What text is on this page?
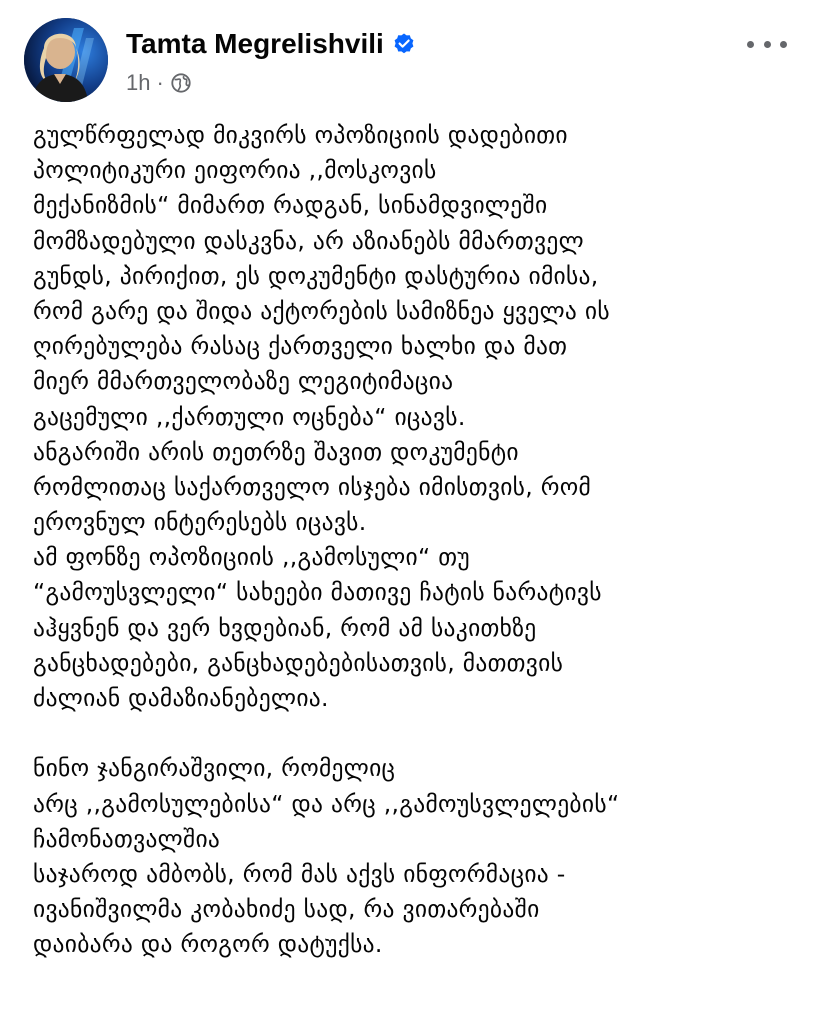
Tamta Megrelishvili
1h ·
გულწრფელად მიკვირს ოპოზიციის დადებითი
პოლიტიკური ეიფორია ,,მოსკოვის
მექანიზმის“ მიმართ რადგან, სინამდვილეში
მომზადებული დასკვნა, არ აზიანებს მმართველ
გუნდს, პირიქით, ეს დოკუმენტი დასტურია იმისა,
რომ გარე და შიდა აქტორების სამიზნეა ყველა ის
ღირებულება რასაც ქართველი ხალხი და მათ
მიერ მმართველობაზე ლეგიტიმაცია
გაცემული ,,ქართული ოცნება“ იცავს.
ანგარიში არის თეთრზე შავით დოკუმენტი
რომლითაც საქართველო ისჯება იმისთვის, რომ
ეროვნულ ინტერესებს იცავს.
ამ ფონზე ოპოზიციის ,,გამოსული“ თუ
“გამოუსვლელი“ სახეები მათივე ჩატის ნარატივს
აჰყვნენ და ვერ ხვდებიან, რომ ამ საკითხზე
განცხადებები, განცხადებებისათვის, მათთვის
ძალიან დამაზიანებელია.
ნინო ჯანგირაშვილი, რომელიც
არც ,,გამოსულებისა“ და არც ,,გამოუსვლელების“
ჩამონათვალშია
საჯაროდ ამბობს, რომ მას აქვს ინფორმაცია -
ივანიშვილმა კობახიძე სად, რა ვითარებაში
დაიბარა და როგორ დატუქსა.
